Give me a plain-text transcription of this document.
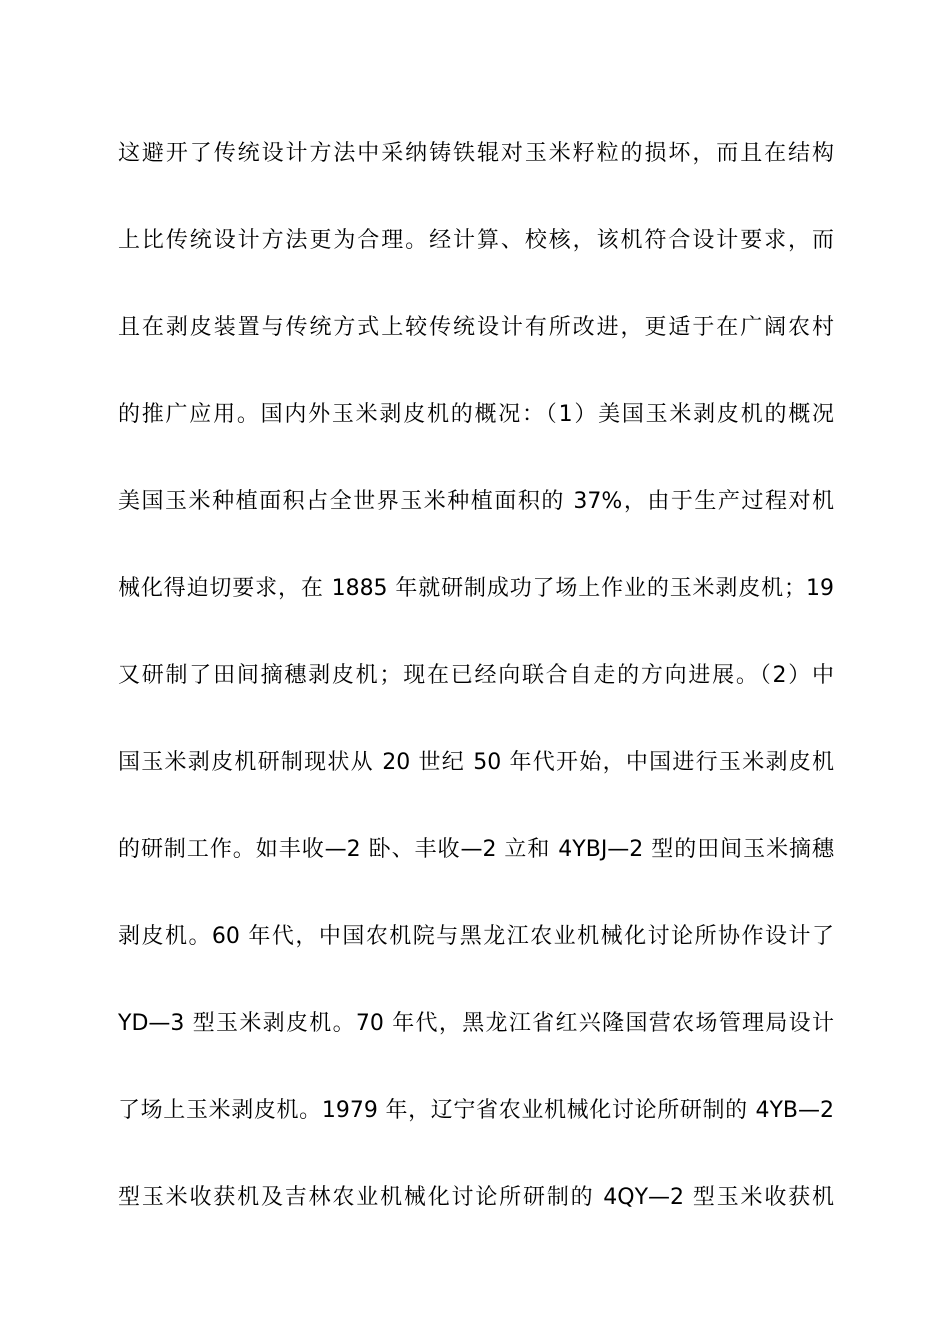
这避开了传统设计方法中采纳铸铁辊对玉米籽粒的损坏，而且在结构
上比传统设计方法更为合理。经计算、校核，该机符合设计要求，而
且在剥皮装置与传统方式上较传统设计有所改进，更适于在广阔农村
的推广应用。国内外玉米剥皮机的概况：（1）美国玉米剥皮机的概况
美国玉米种植面积占全世界玉米种植面积的 37%，由于生产过程对机
械化得迫切要求，在 1885 年就研制成功了场上作业的玉米剥皮机；19
又研制了田间摘穗剥皮机；现在已经向联合自走的方向进展。（2）中
国玉米剥皮机研制现状从 20 世纪 50 年代开始，中国进行玉米剥皮机
的研制工作。如丰收—2 卧、丰收—2 立和 4YBJ—2 型的田间玉米摘穗
剥皮机。60 年代，中国农机院与黑龙江农业机械化讨论所协作设计了
YD—3 型玉米剥皮机。70 年代，黑龙江省红兴隆国营农场管理局设计
了场上玉米剥皮机。1979 年，辽宁省农业机械化讨论所研制的 4YB—2
型玉米收获机及吉林农业机械化讨论所研制的 4QY—2 型玉米收获机
